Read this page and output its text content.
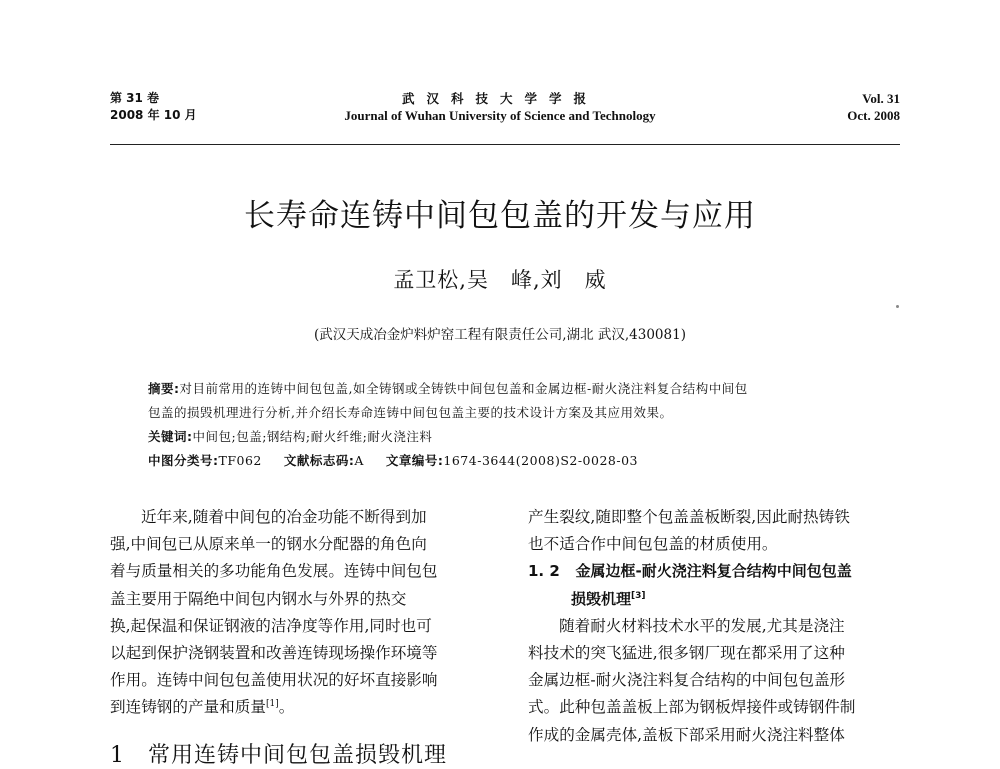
第 31 卷
2008 年 10 月
武汉科技大学学报
Journal of Wuhan University of Science and Technology
Vol. 31
Oct. 2008
长寿命连铸中间包包盖的开发与应用
孟卫松,吴　峰,刘　威
(武汉天成冶金炉料炉窑工程有限责任公司,湖北 武汉,430081)
摘要:对目前常用的连铸中间包包盖,如全铸钢或全铸铁中间包包盖和金属边框-耐火浇注料复合结构中间包
包盖的损毁机理进行分析,并介绍长寿命连铸中间包包盖主要的技术设计方案及其应用效果。
关键词:中间包;包盖;钢结构;耐火纤维;耐火浇注料
中图分类号:TF062 文献标志码:A 文章编号:1674-3644(2008)S2-0028-03
近年来,随着中间包的冶金功能不断得到加
强,中间包已从原来单一的钢水分配器的角色向
着与质量相关的多功能角色发展。连铸中间包包
盖主要用于隔绝中间包内钢水与外界的热交
换,起保温和保证钢液的洁净度等作用,同时也可
以起到保护浇钢装置和改善连铸现场操作环境等
作用。连铸中间包包盖使用状况的好坏直接影响
到连铸钢的产量和质量[1]。
1　常用连铸中间包包盖损毁机理
产生裂纹,随即整个包盖盖板断裂,因此耐热铸铁
也不适合作中间包包盖的材质使用。
1. 2 金属边框-耐火浇注料复合结构中间包包盖
损毁机理[3]
随着耐火材料技术水平的发展,尤其是浇注
料技术的突飞猛进,很多钢厂现在都采用了这种
金属边框-耐火浇注料复合结构的中间包包盖形
式。此种包盖盖板上部为钢板焊接件或铸钢件制
作成的金属壳体,盖板下部采用耐火浇注料整体
